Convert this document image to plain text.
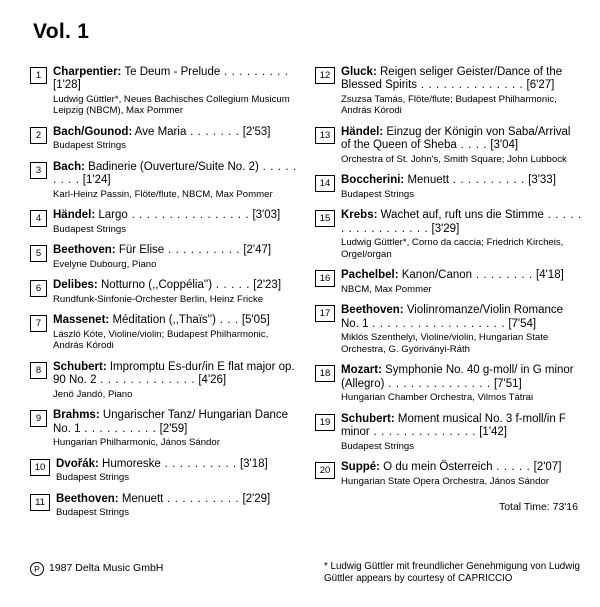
Vol. 1
1	Charpentier: Te Deum - Prelude . . . . . . . . . [1'28]
Ludwig Güttler*, Neues Bachisches Collegium Musicum Leipzig (NBCM), Max Pommer
2	Bach/Gounod: Ave Maria . . . . . . . [2'53]
Budapest Strings
3	Bach: Badinerie (Ouverture/Suite No. 2) . . . . . . . . . [1'24]
Karl-Heinz Passin, Flöte/flute, NBCM, Max Pommer
4	Händel: Largo . . . . . . . . . . . . . . . . [3'03]
Budapest Strings
5	Beethoven: Für Elise . . . . . . . . . . [2'47]
Evelyne Dubourg, Piano
6	Delibes: Notturno (,,Coppélia'') . . . . . [2'23]
Rundfunk-Sinfonie-Orchester Berlin, Heinz Fricke
7	Massenet: Méditation (,,Thaïs'') . . . [5'05]
László Kóte, Violine/violin; Budapest Philharmonic, András Kórodi
8	Schubert: Impromptu Es-dur/in E flat major op. 90 No. 2 . . . . . . . . . . . . . [4'26]
Jenö Jandó, Piano
9	Brahms: Ungarischer Tanz/ Hungarian Dance No. 1 . . . . . . . . . . [2'59]
Hungarian Philharmonic, János Sándor
10 Dvořák: Humoreske . . . . . . . . . . [3'18]
Budapest Strings
11 Beethoven: Menuett . . . . . . . . . . [2'29]
Budapest Strings
12 Gluck: Reigen seliger Geister/Dance of the Blessed Spirits . . . . . . . . . . . . . . [6'27]
Zsuzsa Tamás, Flöte/flute; Budapest Philharmonic, András Kórodi
13 Händel: Einzug der Königin von Saba/Arrival of the Queen of Sheba . . . . [3'04]
Orchestra of St. John's, Smith Square; John Lubbock
14 Boccherini: Menuett . . . . . . . . . . [3'33]
Budapest Strings
15 Krebs: Wachet auf, ruft uns die Stimme . . . . . . . . . . . . . . . . . [3'29]
Ludwig Güttler*, Corno da caccia; Friedrich Kircheis, Orgel/organ
16 Pachelbel: Kanon/Canon . . . . . . . . [4'18]
NBCM, Max Pommer
17 Beethoven: Violinromanze/Violin Romance No. 1 . . . . . . . . . . . . . . . . . . [7'54]
Miklós Szenthelyi, Violine/violin, Hungarian State Orchestra, G. Györiványi-Ráth
18 Mozart: Symphonie No. 40 g-moll/ in G minor (Allegro) . . . . . . . . . . . . . . [7'51]
Hungarian Chamber Orchestra, Vilmos Tátrai
19 Schubert: Moment musical No. 3 f-moll/in F minor . . . . . . . . . . . . . . [1'42]
Budapest Strings
20 Suppé: O du mein Österreich . . . . . [2'07]
Hungarian State Opera Orchestra, János Sándor
Total Time: 73'16
P 1987 Delta Music GmbH	* Ludwig Güttler mit freundlicher Genehmigung von Ludwig Güttler appears by courtesy of CAPRICCIO
